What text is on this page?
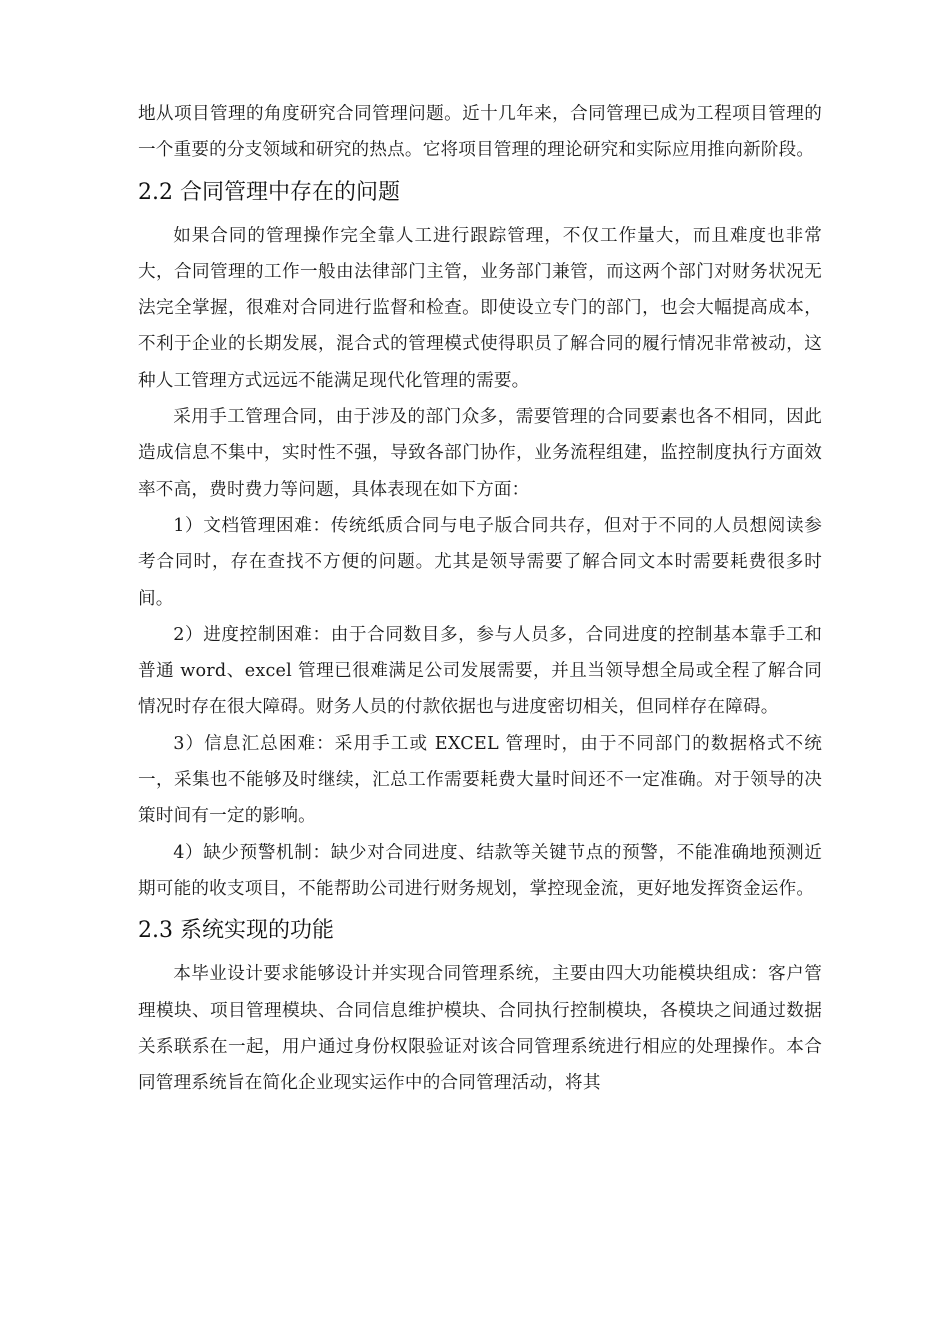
地从项目管理的角度研究合同管理问题。近十几年来，合同管理已成为工程项目管理的一个重要的分支领域和研究的热点。它将项目管理的理论研究和实际应用推向新阶段。

2.2 合同管理中存在的问题

如果合同的管理操作完全靠人工进行跟踪管理，不仅工作量大，而且难度也非常大，合同管理的工作一般由法律部门主管，业务部门兼管，而这两个部门对财务状况无法完全掌握，很难对合同进行监督和检查。即使设立专门的部门，也会大幅提高成本，不利于企业的长期发展，混合式的管理模式使得职员了解合同的履行情况非常被动，这种人工管理方式远远不能满足现代化管理的需要。

采用手工管理合同，由于涉及的部门众多，需要管理的合同要素也各不相同，因此造成信息不集中，实时性不强，导致各部门协作，业务流程组建，监控制度执行方面效率不高，费时费力等问题，具体表现在如下方面：

1）文档管理困难：传统纸质合同与电子版合同共存，但对于不同的人员想阅读参考合同时，存在查找不方便的问题。尤其是领导需要了解合同文本时需要耗费很多时间。

2）进度控制困难：由于合同数目多，参与人员多，合同进度的控制基本靠手工和普通 word、excel 管理已很难满足公司发展需要，并且当领导想全局或全程了解合同情况时存在很大障碍。财务人员的付款依据也与进度密切相关，但同样存在障碍。

3）信息汇总困难：采用手工或 EXCEL 管理时，由于不同部门的数据格式不统一，采集也不能够及时继续，汇总工作需要耗费大量时间还不一定准确。对于领导的决策时间有一定的影响。

4）缺少预警机制：缺少对合同进度、结款等关键节点的预警，不能准确地预测近期可能的收支项目，不能帮助公司进行财务规划，掌控现金流，更好地发挥资金运作。

2.3 系统实现的功能

本毕业设计要求能够设计并实现合同管理系统，主要由四大功能模块组成：客户管理模块、项目管理模块、合同信息维护模块、合同执行控制模块，各模块之间通过数据关系联系在一起，用户通过身份权限验证对该合同管理系统进行相应的处理操作。本合同管理系统旨在简化企业现实运作中的合同管理活动，将其
